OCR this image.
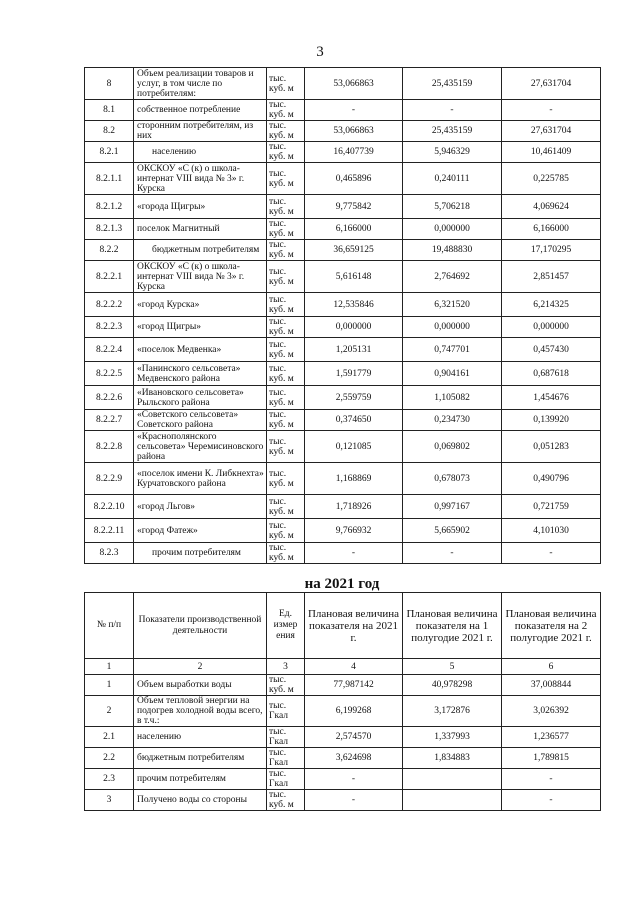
3
8	Объем реализации товаров и услуг, в том числе по потребителям:	тыс. куб. м	53,066863	25,435159	27,631704
8.1	собственное потребление	тыс. куб. м	-	-	-
8.2	сторонним потребителям, из них	тыс. куб. м	53,066863	25,435159	27,631704
8.2.1	населению	тыс. куб. м	16,407739	5,946329	10,461409
8.2.1.1	ОКСКОУ «С (к) о школа-интернат VIII вида № 3» г. Курска	тыс. куб. м	0,465896	0,240111	0,225785
8.2.1.2	«города Щигры»	тыс. куб. м	9,775842	5,706218	4,069624
8.2.1.3	поселок Магнитный	тыс. куб. м	6,166000	0,000000	6,166000
8.2.2	бюджетным потребителям	тыс. куб. м	36,659125	19,488830	17,170295
8.2.2.1	ОКСКОУ «С (к) о школа-интернат VIII вида № 3» г. Курска	тыс. куб. м	5,616148	2,764692	2,851457
8.2.2.2	«город Курска»	тыс. куб. м	12,535846	6,321520	6,214325
8.2.2.3	«город Щигры»	тыс. куб. м	0,000000	0,000000	0,000000
8.2.2.4	«поселок Медвенка»	тыс. куб. м	1,205131	0,747701	0,457430
8.2.2.5	«Панинского сельсовета» Медвенского района	тыс. куб. м	1,591779	0,904161	0,687618
8.2.2.6	«Ивановского сельсовета» Рыльского района	тыс. куб. м	2,559759	1,105082	1,454676
8.2.2.7	«Советского сельсовета» Советского района	тыс. куб. м	0,374650	0,234730	0,139920
8.2.2.8	«Краснополянского сельсовета» Черемисиновского района	тыс. куб. м	0,121085	0,069802	0,051283
8.2.2.9	«поселок имени К. Либкнехта» Курчатовского района	тыс. куб. м	1,168869	0,678073	0,490796
8.2.2.10	«город Льгов»	тыс. куб. м	1,718926	0,997167	0,721759
8.2.2.11	«город Фатеж»	тыс. куб. м	9,766932	5,665902	4,101030
8.2.3	прочим потребителям	тыс. куб. м	-	-	-
на 2021 год
№ п/п	Показатели производственной деятельности	Ед. измер ения	Плановая величина показателя на 2021 г.	Плановая величина показателя на 1 полугодие 2021 г.	Плановая величина показателя на 2 полугодие 2021 г.
1	2	3	4	5	6
1	Объем выработки воды	тыс. куб. м	77,987142	40,978298	37,008844
2	Объем тепловой энергии на подогрев холодной воды всего, в т.ч.:	тыс. Гкал	6,199268	3,172876	3,026392
2.1	населению	тыс. Гкал	2,574570	1,337993	1,236577
2.2	бюджетным потребителям	тыс. Гкал	3,624698	1,834883	1,789815
2.3	прочим потребителям	тыс. Гкал	-		-
3	Получено воды со стороны	тыс. куб. м	-		-
